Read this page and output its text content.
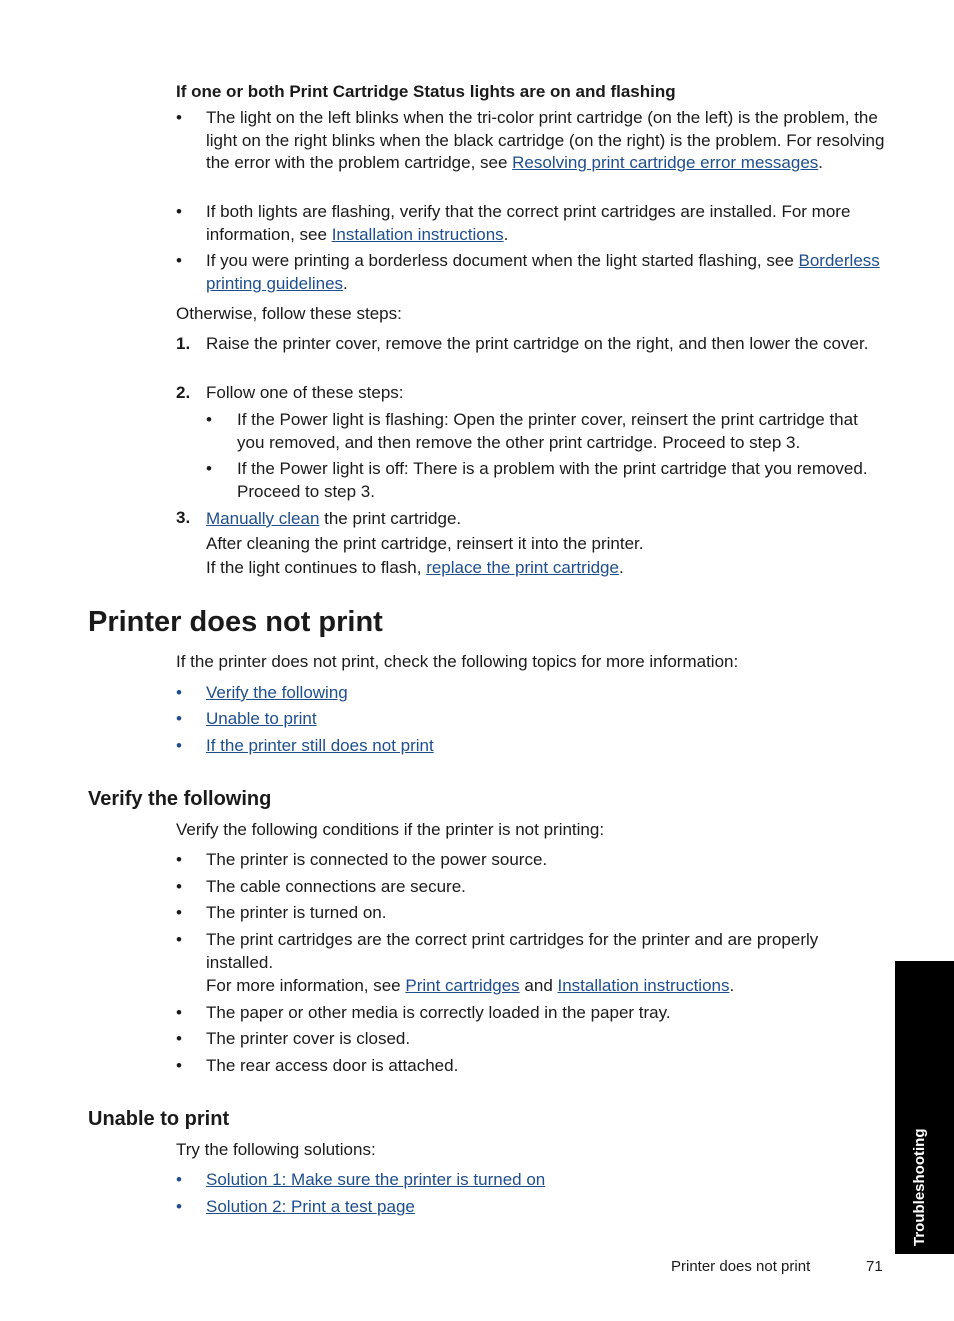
If one or both Print Cartridge Status lights are on and flashing
• The light on the left blinks when the tri-color print cartridge (on the left) is the problem, the light on the right blinks when the black cartridge (on the right) is the problem. For resolving the error with the problem cartridge, see Resolving print cartridge error messages.
• If both lights are flashing, verify that the correct print cartridges are installed. For more information, see Installation instructions.
• If you were printing a borderless document when the light started flashing, see Borderless printing guidelines.
Otherwise, follow these steps:
1. Raise the printer cover, remove the print cartridge on the right, and then lower the cover.
2. Follow one of these steps:
• If the Power light is flashing: Open the printer cover, reinsert the print cartridge that you removed, and then remove the other print cartridge. Proceed to step 3.
• If the Power light is off: There is a problem with the print cartridge that you removed. Proceed to step 3.
3. Manually clean the print cartridge.
After cleaning the print cartridge, reinsert it into the printer.
If the light continues to flash, replace the print cartridge.
Printer does not print
If the printer does not print, check the following topics for more information:
• Verify the following
• Unable to print
• If the printer still does not print
Verify the following
Verify the following conditions if the printer is not printing:
• The printer is connected to the power source.
• The cable connections are secure.
• The printer is turned on.
• The print cartridges are the correct print cartridges for the printer and are properly installed.
For more information, see Print cartridges and Installation instructions.
• The paper or other media is correctly loaded in the paper tray.
• The printer cover is closed.
• The rear access door is attached.
Unable to print
Try the following solutions:
• Solution 1: Make sure the printer is turned on
• Solution 2: Print a test page	Troubleshooting
Printer does not print	71
